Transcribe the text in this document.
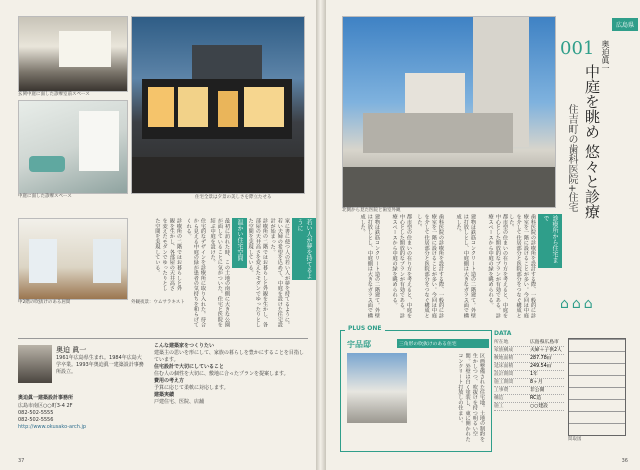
玄関中庭に面した診療室前スペース
中庭に面した診療スペース	住宅全景は夕景の美しさを際立たせる
中2階の吹抜けのある居間	外観夜景：ウムサラキスト
若い人が夢を持てるように
家に書に使つ人の若い人が夢を持てるように。若い夫婦の希望を込めて、中庭を設けた住宅設計が始まった。
診療所の二階ではお暮らしと外観を生かし、各部屋の天井高さを変えたモダンでゆったりとした空間を実現している。
温かい住宅空間
最初に訪れた時、この土地の南側に大きな公園が面していることに気がついた。住宅と医院を結ぶ中庭を設けた。
住宅的なデザインを診療所に取り入れた。待合から見える中庭の緑が患者の気持ちを和らげてくれる。
診療所の二階ではお暮らしと外観を生かし、各部屋の天井高さを変えたモダンでゆったりとした空間を実現している。
奥迫 眞一
1961年広島県生まれ。1984年広島大学卒業。1993年奥迫眞一建築設計事務所設立。
奥迫眞一建築設計事務所
広島市南区○○町3-4 2F
082-502-5555
082-502-5556
http://www.okusako-arch.jp
こんな建築家をつくりたい
建築主の思いを形にして、家族の暮らしを豊かにすることを目指しています。
住宅設計で大切にしていること
住む人の個性を大切に、敷地に合ったプランを提案します。
費用の考え方
予算に応じて柔軟に対応します。
建築実績
戸建住宅、医院、店舗
37
北側から見た医院と歯室外観
広島県
001 奥迫眞一
中庭を眺め 悠々と診療
住吉町の歯科医院+住宅
診療所から住宅まで
歯科医院の診療所を設計する際、一般的に診療室を一階に設けることが多い。今回は中庭を介して住居部分と医院部分をつなぐ構成とした。
都市型の住まいの在り方を考えると、中庭を中心とした開放的なプランが有効である。診療スペースから中庭の緑を眺められる。
建物は鉄筋コンクリート造の二階建て。外壁は打放しとし、中庭側は大きなガラス面で構成した。
歯科医院の診療所を設計する際、一般的に診療室を一階に設けることが多い。今回は中庭を介して住居部分と医院部分をつなぐ構成とした。
都市型の住まいの在り方を考えると、中庭を中心とした開放的なプランが有効である。診療スペースから中庭の緑を眺められる。
建物は鉄筋コンクリート造の二階建て。外壁は打放しとし、中庭側は大きなガラス面で構成した。
⌂⌂⌂
PLUS ONE
宇品邸	三角形の吹抜けのある住宅
区画整備された住宅地。土地の制約を生かしつつ、吹抜けを持つ明るい空間。外壁は白く塗装し、東に開かれたコンクリート打放しの住まい。
DATA
所在地	広島県広島市
家族構成	夫婦＋子供2人
敷地面積	287.78㎡
延床面積	249.54㎡
設計期間	1年
施工期間	8ヶ月
工事費	非公開
構造	RC造
施工	○○建設
間取図
36
